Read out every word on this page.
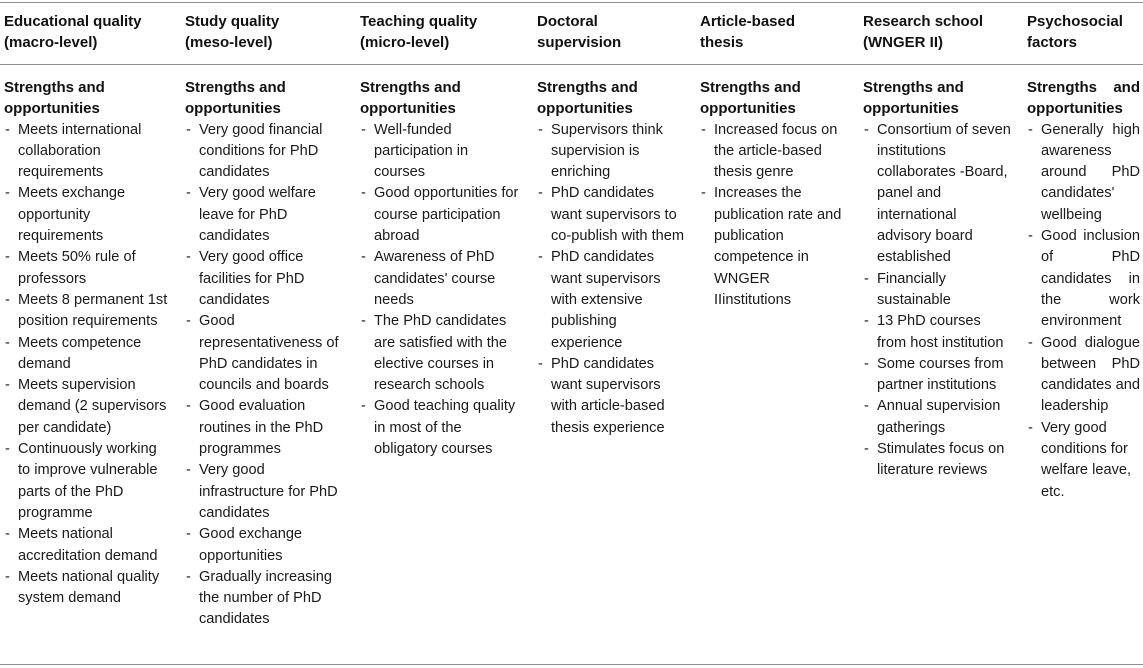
Educational quality
(macro-level)
Strengths and
opportunities
- Meets international collaboration requirements
- Meets exchange opportunity requirements
- Meets 50% rule of professors
- Meets 8 permanent 1st position requirements
- Meets competence demand
- Meets supervision demand (2 supervisors per candidate)
- Continuously working to improve vulnerable parts of the PhD programme
- Meets national accreditation demand
- Meets national quality system demand
Study quality
(meso-level)
Strengths and
opportunities
- Very good financial conditions for PhD candidates
- Very good welfare leave for PhD candidates
- Very good office facilities for PhD candidates
- Good representativeness of PhD candidates in councils and boards
- Good evaluation routines in the PhD programmes
- Very good infrastructure for PhD candidates
- Good exchange opportunities
- Gradually increasing the number of PhD candidates
Teaching quality
(micro-level)
Strengths and
opportunities
- Well-funded participation in courses
- Good opportunities for course participation abroad
- Awareness of PhD candidates' course needs
- The PhD candidates are satisfied with the elective courses in research schools
- Good teaching quality in most of the obligatory courses
Doctoral
supervision
Strengths and
opportunities
- Supervisors think supervision is enriching
- PhD candidates want supervisors to co-publish with them
- PhD candidates want supervisors with extensive publishing experience
- PhD candidates want supervisors with article-based thesis experience
Article-based
thesis
Strengths and
opportunities
- Increased focus on the article-based thesis genre
- Increases the publication rate and publication competence in WNGER IIinstitutions
Research school
(WNGER II)
Strengths and
opportunities
- Consortium of seven institutions collaborates -Board, panel and international advisory board established
- Financially sustainable
- 13 PhD courses from host institution
- Some courses from partner institutions
- Annual supervision gatherings
- Stimulates focus on literature reviews
Psychosocial
factors
Strengths and
opportunities
- Generally high awareness around PhD candidates' wellbeing
- Good inclusion of PhD candidates in the work environment
- Good dialogue between PhD candidates and leadership
- Very good conditions for welfare leave, etc.
